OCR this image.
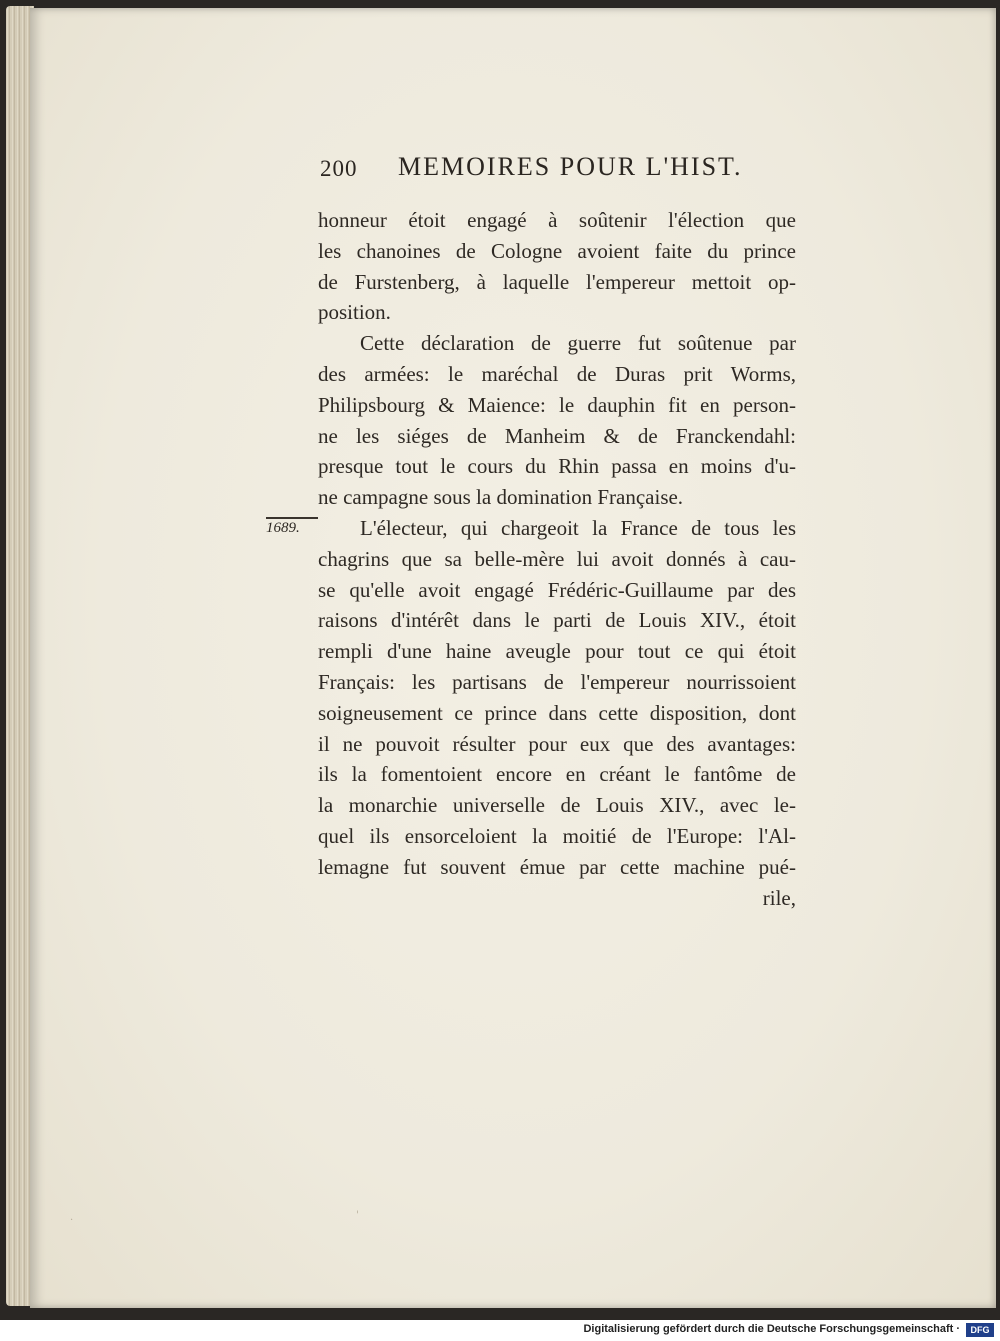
200 MEMOIRES POUR L'HIST.
1689.
honneur étoit engagé à soûtenir l'élection que
les chanoines de Cologne avoient faite du prince
de Furstenberg, à laquelle l'empereur mettoit op-
position.
Cette déclaration de guerre fut soûtenue par
des armées: le maréchal de Duras prit Worms,
Philipsbourg & Maience: le dauphin fit en person-
ne les siéges de Manheim & de Franckendahl:
presque tout le cours du Rhin passa en moins d'u-
ne campagne sous la domination Française.
L'électeur, qui chargeoit la France de tous les
chagrins que sa belle-mère lui avoit donnés à cau-
se qu'elle avoit engagé Frédéric-Guillaume par des
raisons d'intérêt dans le parti de Louis XIV., étoit
rempli d'une haine aveugle pour tout ce qui étoit
Français: les partisans de l'empereur nourrissoient
soigneusement ce prince dans cette disposition, dont
il ne pouvoit résulter pour eux que des avantages:
ils la fomentoient encore en créant le fantôme de
la monarchie universelle de Louis XIV., avec le-
quel ils ensorceloient la moitié de l'Europe: l'Al-
lemagne fut souvent émue par cette machine pué-
rile,
·	'
Digitalisierung gefördert durch die Deutsche Forschungsgemeinschaft ·	DFG
